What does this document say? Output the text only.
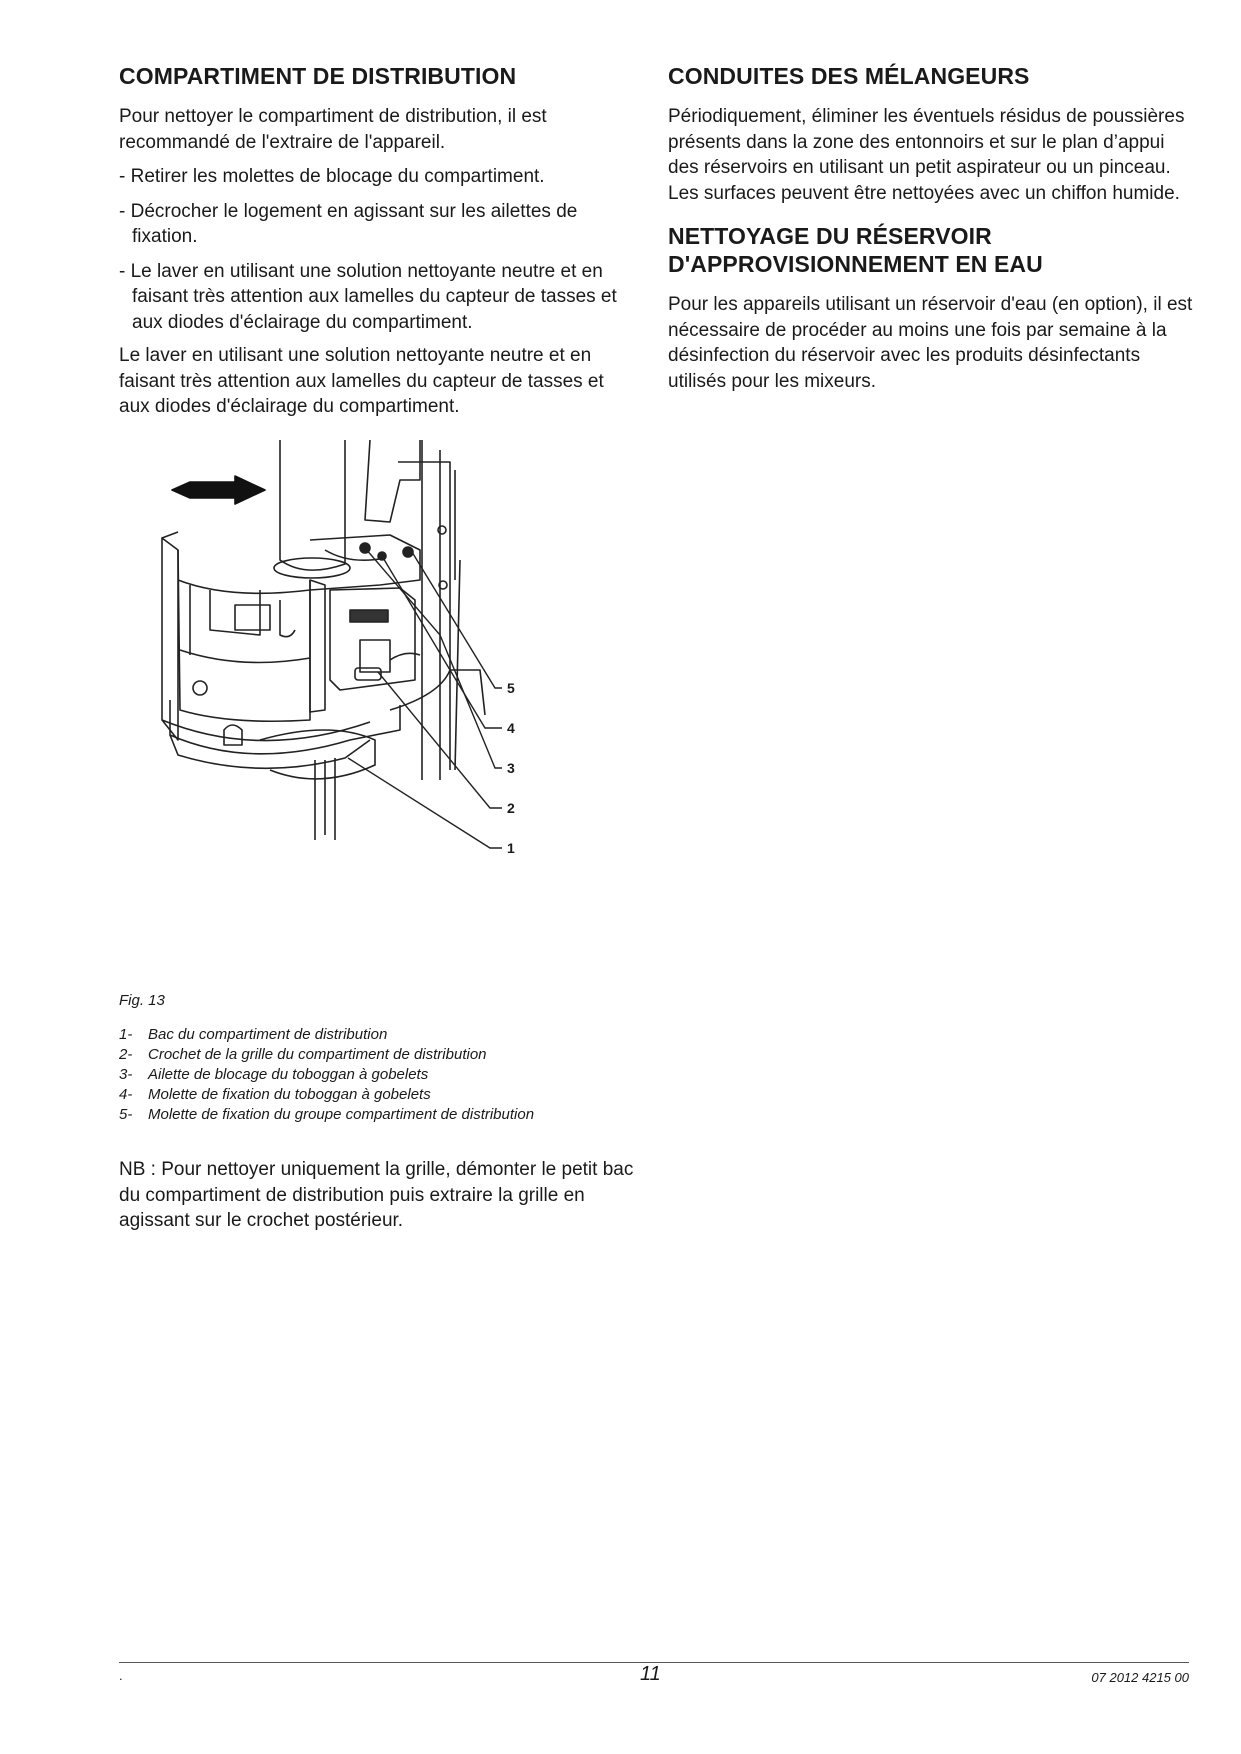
COMPARTIMENT DE DISTRIBUTION

Pour nettoyer le compartiment de distribution, il est recommandé de l'extraire de l'appareil.

- Retirer les molettes de blocage du compartiment.

- Décrocher le logement en agissant sur les ailettes de fixation.

- Le laver en utilisant une solution nettoyante neutre et en faisant très attention aux lamelles du capteur de tasses et aux diodes d'éclairage du compartiment.

Le laver en utilisant une solution nettoyante neutre et en faisant très attention aux lamelles du capteur de tasses et aux diodes d'éclairage du compartiment.

CONDUITES DES MÉLANGEURS

Périodiquement, éliminer les éventuels résidus de poussières présents dans la zone des entonnoirs et sur le plan d’appui des réservoirs en utilisant un petit aspirateur ou un pinceau.

Les surfaces peuvent être nettoyées avec un chiffon humide.

NETTOYAGE DU RÉSERVOIR D'APPROVISIONNEMENT EN EAU

Pour les appareils utilisant un réservoir d'eau (en option), il est nécessaire de procéder au moins une fois par semaine à la désinfection du réservoir avec les produits désinfectants utilisés pour les mixeurs.

5
4
3
2
1
Fig. 13
1-	Bac du compartiment de distribution
2-	Crochet de la grille du compartiment de distribution
3-	Ailette de blocage du toboggan à gobelets
4-	Molette de fixation du toboggan à gobelets
5-	Molette de fixation du groupe compartiment de distribution

NB : Pour nettoyer uniquement la grille, démonter le petit bac du compartiment de distribution puis extraire la grille en agissant sur le crochet postérieur.

.	11	07 2012 4215 00
